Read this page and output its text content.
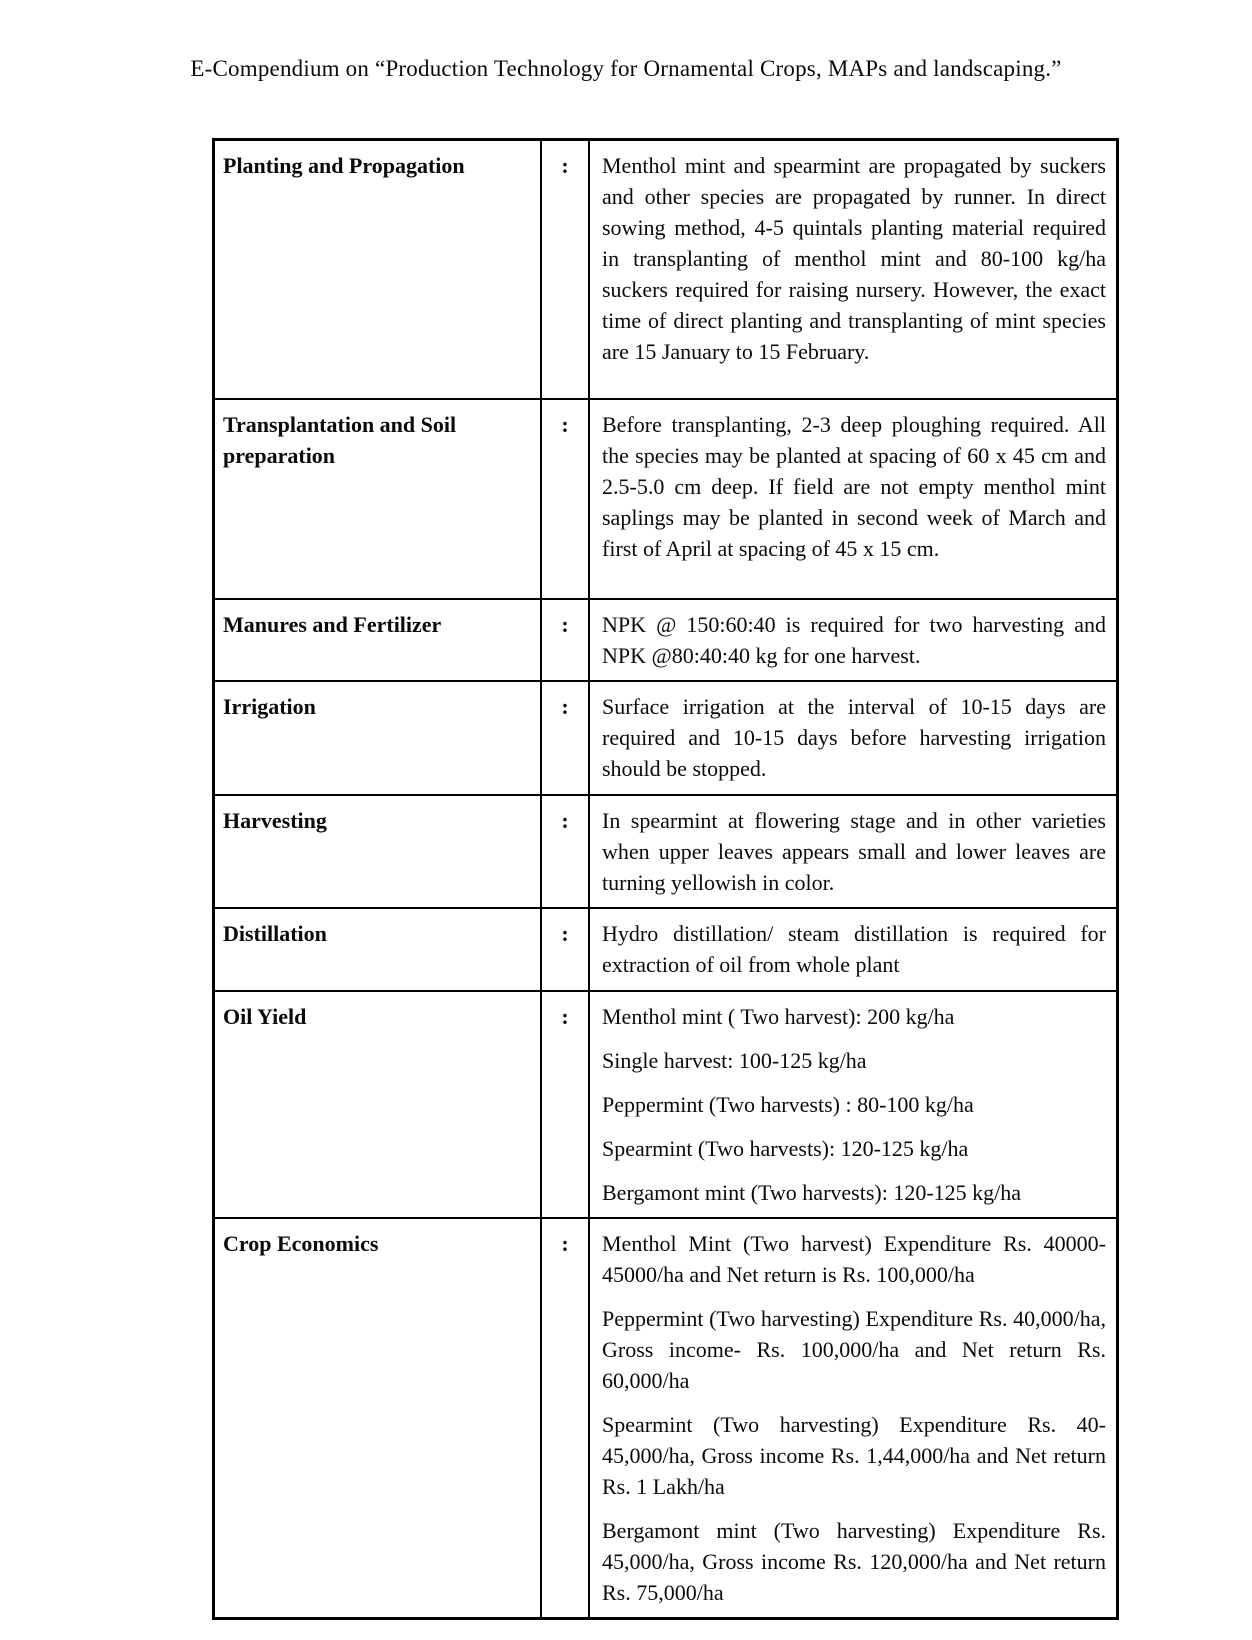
E-Compendium on “Production Technology for Ornamental Crops, MAPs and landscaping.”
Planting and Propagation	:	Menthol mint and spearmint are propagated by suckers and other species are propagated by runner. In direct sowing method, 4-5 quintals planting material required in transplanting of menthol mint and 80-100 kg/ha suckers required for raising nursery. However, the exact time of direct planting and transplanting of mint species are 15 January to 15 February.

Transplantation and Soil preparation	:	Before transplanting, 2-3 deep ploughing required. All the species may be planted at spacing of 60 x 45 cm and 2.5-5.0 cm deep. If field are not empty menthol mint saplings may be planted in second week of March and first of April at spacing of 45 x 15 cm.

Manures and Fertilizer	:	NPK @ 150:60:40 is required for two harvesting and NPK @80:40:40 kg for one harvest.

Irrigation	:	Surface irrigation at the interval of 10-15 days are required and 10-15 days before harvesting irrigation should be stopped.

Harvesting	:	In spearmint at flowering stage and in other varieties when upper leaves appears small and lower leaves are turning yellowish in color.

Distillation	:	Hydro distillation/ steam distillation is required for extraction of oil from whole plant

Oil Yield	:	Menthol mint ( Two harvest): 200 kg/ha

Single harvest: 100-125 kg/ha

Peppermint (Two harvests) : 80-100 kg/ha

Spearmint (Two harvests): 120-125 kg/ha

Bergamont mint (Two harvests): 120-125 kg/ha

Crop Economics	:	Menthol Mint (Two harvest) Expenditure Rs. 40000-45000/ha and Net return is Rs. 100,000/ha

Peppermint (Two harvesting) Expenditure Rs. 40,000/ha, Gross income- Rs. 100,000/ha and Net return Rs. 60,000/ha

Spearmint (Two harvesting) Expenditure Rs. 40-45,000/ha, Gross income Rs. 1,44,000/ha and Net return Rs. 1 Lakh/ha

Bergamont mint (Two harvesting) Expenditure Rs. 45,000/ha, Gross income Rs. 120,000/ha and Net return Rs. 75,000/ha
